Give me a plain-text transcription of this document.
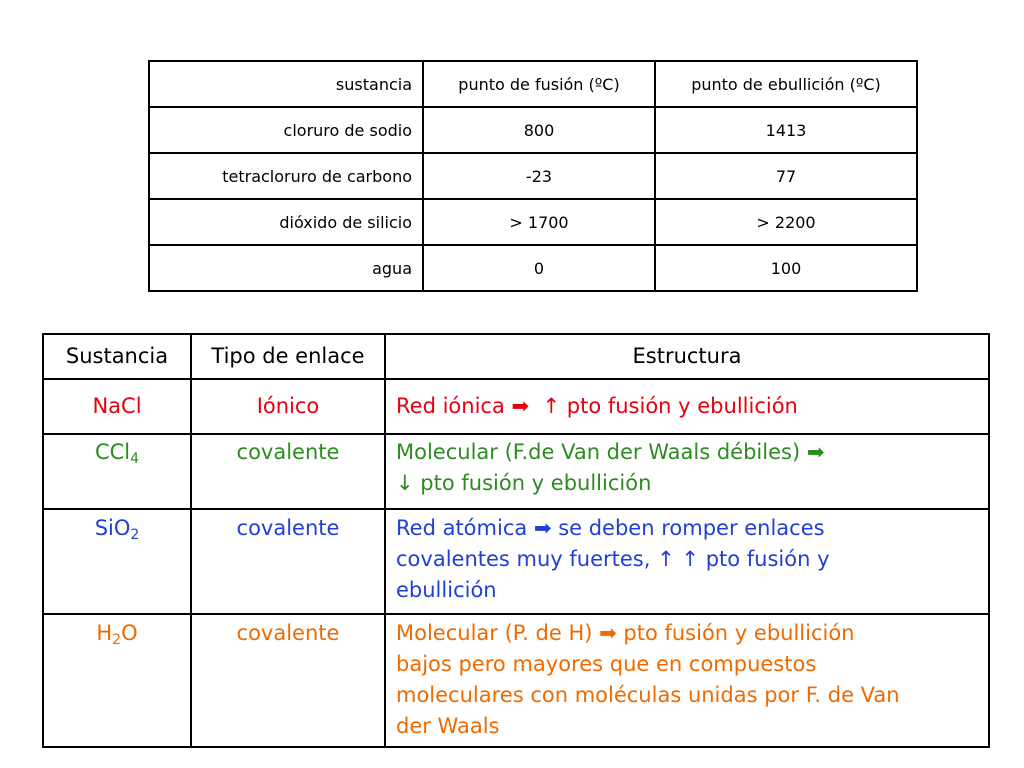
sustancia	punto de fusión (ºC)	punto de ebullición (ºC)
cloruro de sodio	800	1413
tetracloruro de carbono	-23	77
dióxido de silicio	> 1700	> 2200
agua	0	100
Sustancia	Tipo de enlace	Estructura
NaCl	Iónico	Red iónica ➡ ↑ pto fusión y ebullición

CCl$_4$	covalente	Molecular (F.de Van der Waals débiles) ➡
↓ pto fusión y ebullición

SiO$_2$	covalente	Red atómica ➡ se deben romper enlaces
covalentes muy fuertes, ↑ ↑ pto fusión y
ebullición

$H_2O$	covalente	Molecular (P. de H) ➡ pto fusión y ebullición
bajos pero mayores que en compuestos
moleculares con moléculas unidas por F. de Van
der Waals
